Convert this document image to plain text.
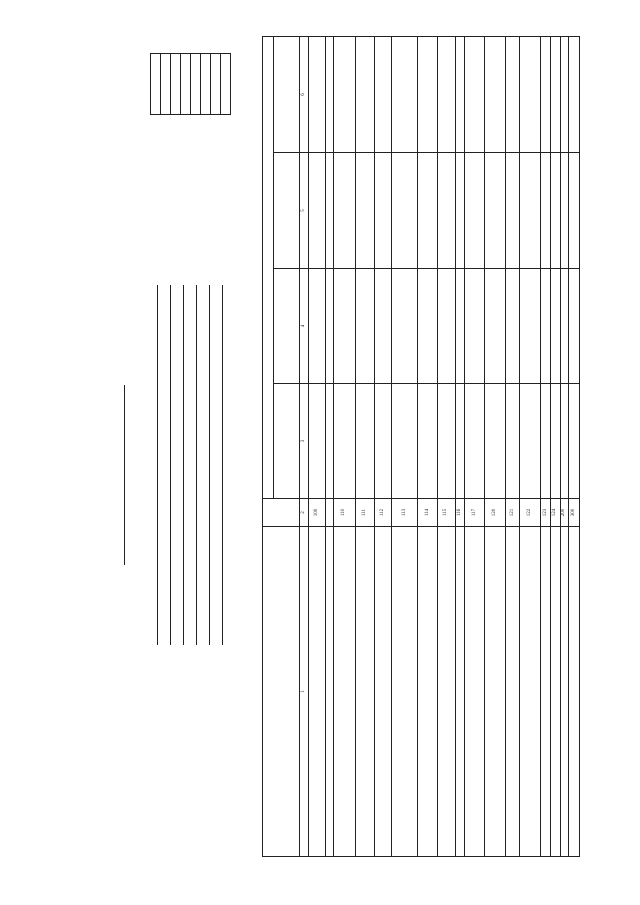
1	2	3	4	5	6
	100				

	110				
	111				
	112				
	113				
	114				
	115				
	116				
	117				
	120				
	121				
	122				
	123				
	124				
	200				
	300				
